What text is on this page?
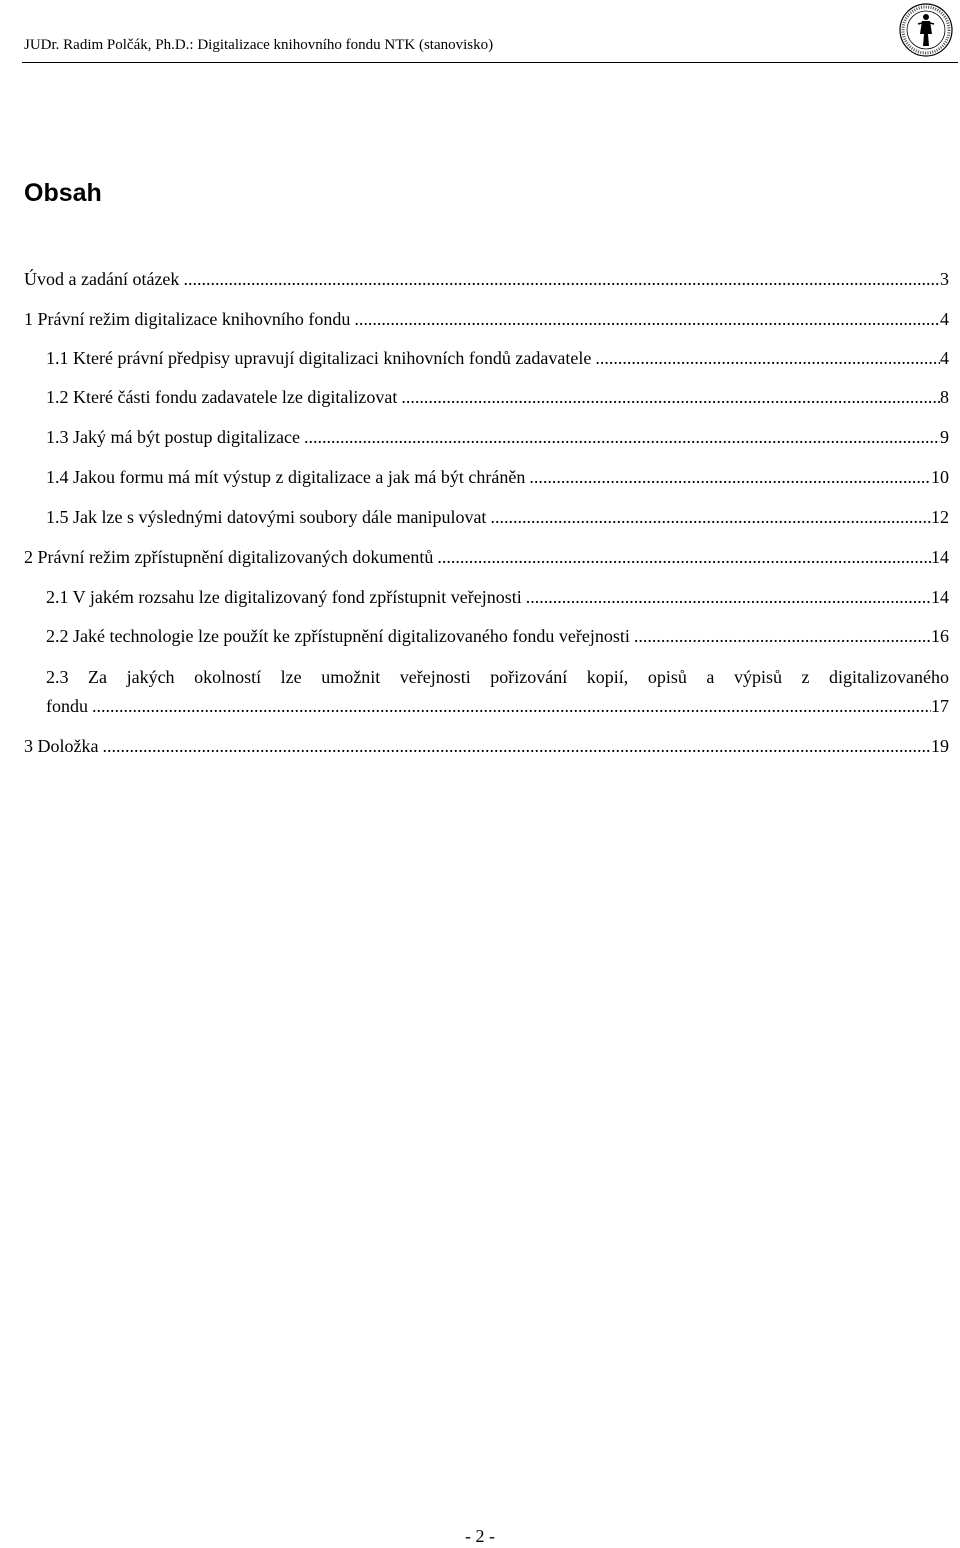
JUDr. Radim Polčák, Ph.D.: Digitalizace knihovního fondu NTK (stanovisko)
Obsah
Úvod a zadání otázek .....	3
1 Právní režim digitalizace knihovního fondu .....	4
1.1 Které právní předpisy upravují digitalizaci knihovních fondů zadavatele .....	4
1.2 Které části fondu zadavatele lze digitalizovat .....	8
1.3 Jaký má být postup digitalizace .....	9
1.4 Jakou formu má mít výstup z digitalizace a jak má být chráněn .....	10
1.5 Jak lze s výslednými datovými soubory dále manipulovat .....	12
2 Právní režim zpřístupnění digitalizovaných dokumentů .....	14
2.1 V jakém rozsahu lze digitalizovaný fond zpřístupnit veřejnosti .....	14
2.2 Jaké technologie lze použít ke zpřístupnění digitalizovaného fondu veřejnosti .....	16
2.3 Za jakých okolností lze umožnit veřejnosti pořizování kopií, opisů a výpisů z digitalizovaného
fondu .....	17
3 Doložka .....	19
- 2 -
